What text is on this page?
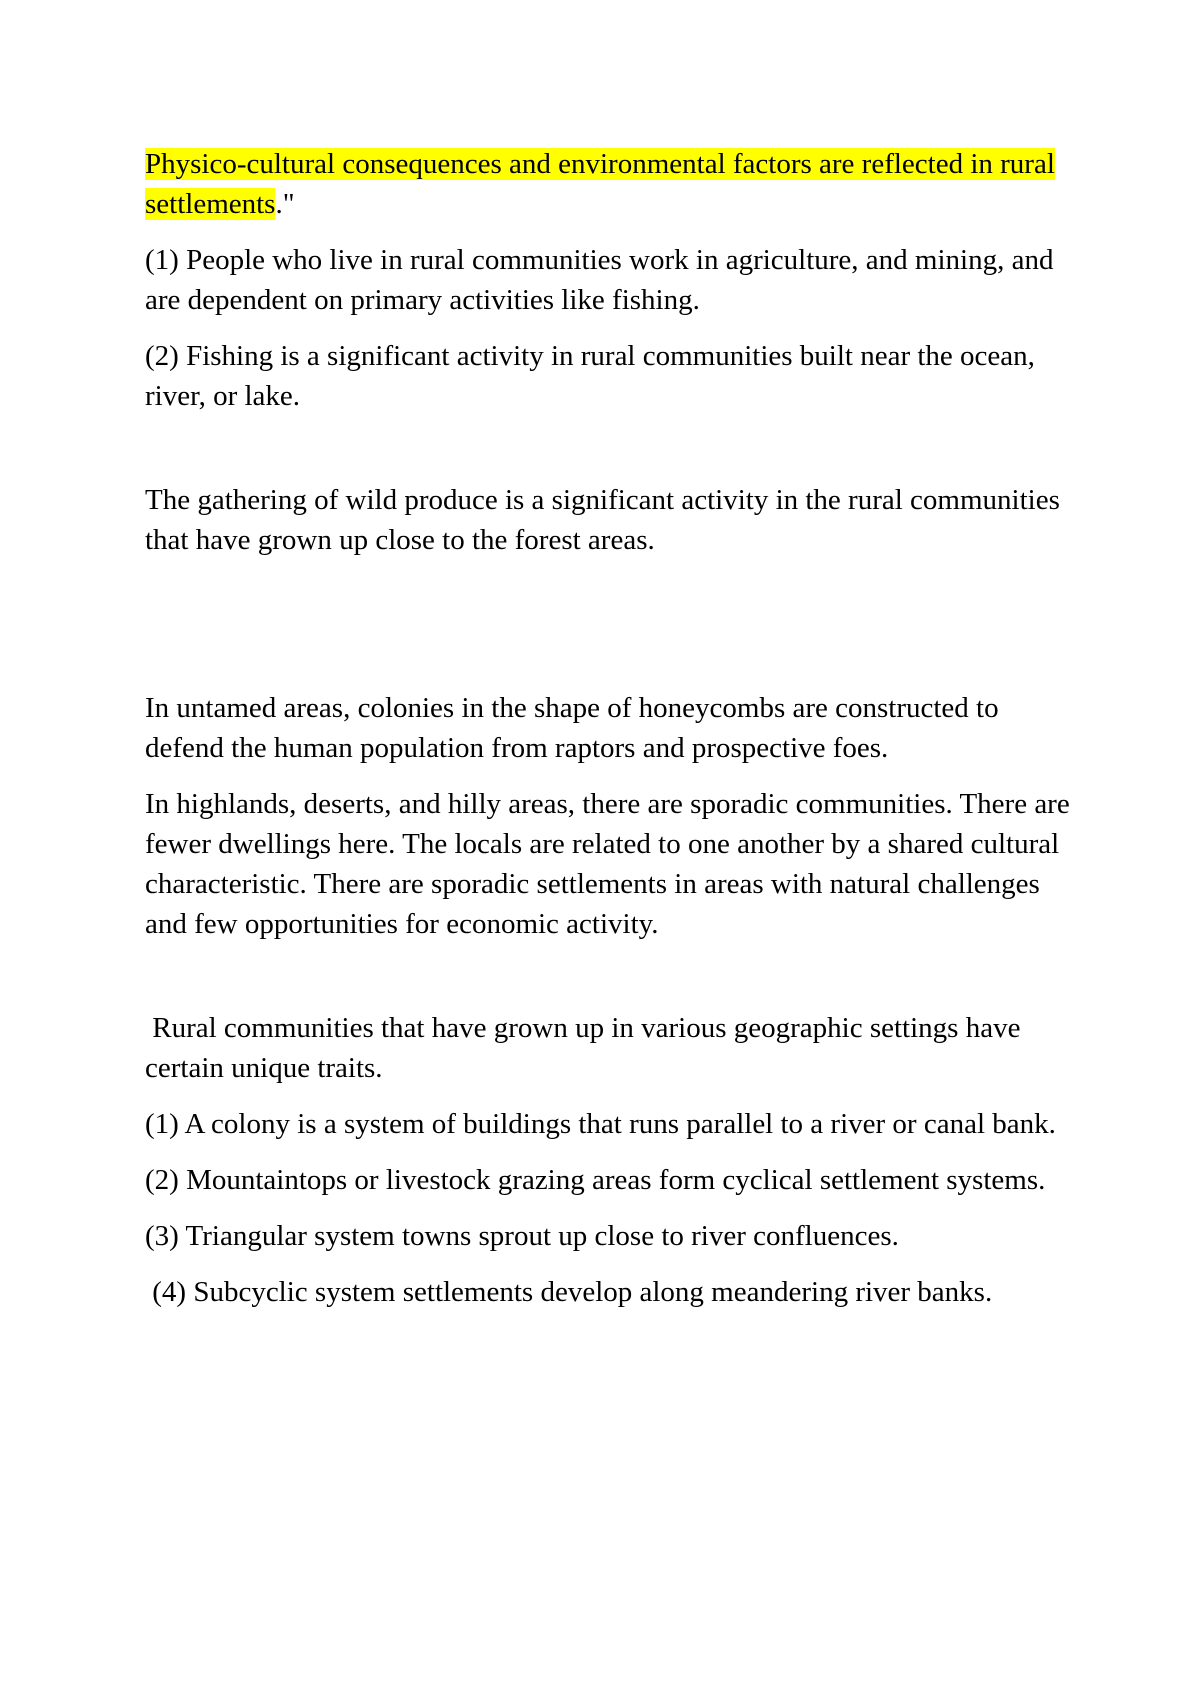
Physico-cultural consequences and environmental factors are reflected in rural settlements."

(1) People who live in rural communities work in agriculture, and mining, and are dependent on primary activities like fishing.

(2) Fishing is a significant activity in rural communities built near the ocean, river, or lake.

The gathering of wild produce is a significant activity in the rural communities that have grown up close to the forest areas.

In untamed areas, colonies in the shape of honeycombs are constructed to defend the human population from raptors and prospective foes.

In highlands, deserts, and hilly areas, there are sporadic communities. There are fewer dwellings here. The locals are related to one another by a shared cultural characteristic. There are sporadic settlements in areas with natural challenges and few opportunities for economic activity.

Rural communities that have grown up in various geographic settings have certain unique traits.

(1) A colony is a system of buildings that runs parallel to a river or canal bank.

(2) Mountaintops or livestock grazing areas form cyclical settlement systems.

(3) Triangular system towns sprout up close to river confluences.

(4) Subcyclic system settlements develop along meandering river banks.
